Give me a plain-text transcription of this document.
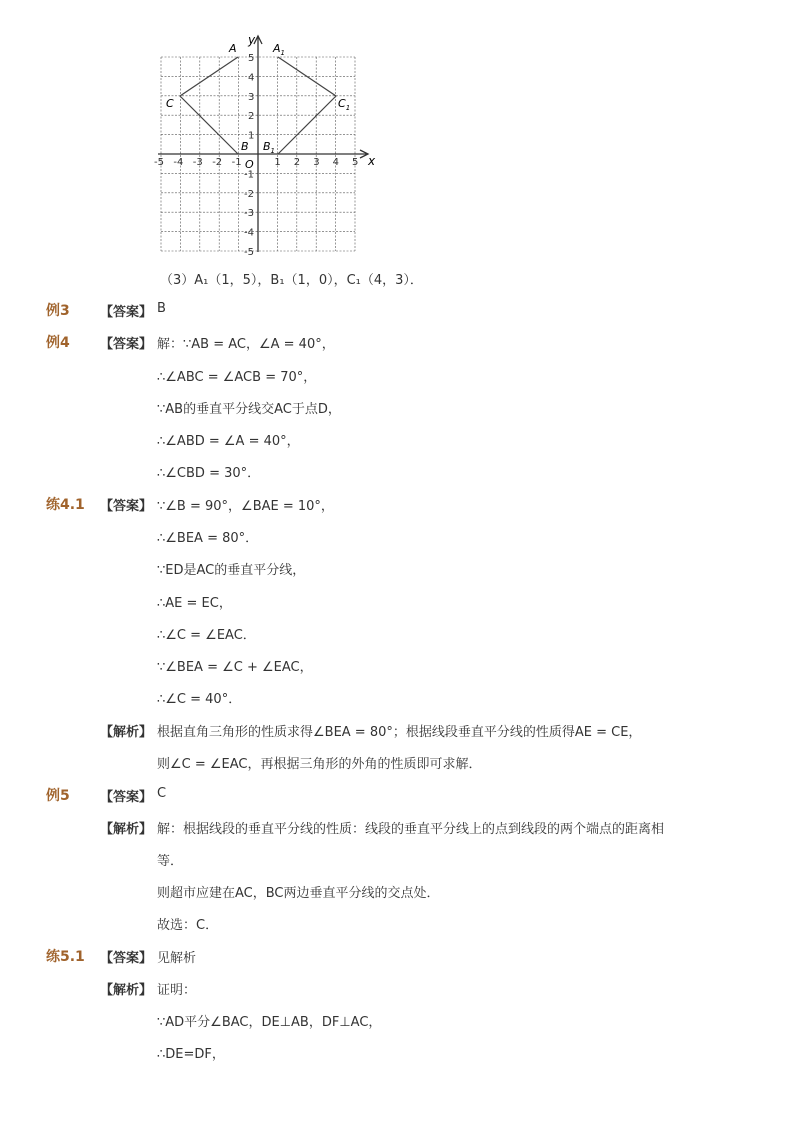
y
x
O
-5 -4 -3 -2 -1	1 2 3 4 5
5
4
3
2
1
-1
-2
-3
-4
-5
A
C
B
$A_1$
$C_1$
$B_1$
（3）A₁（1，5），B₁（1，0），C₁（4，3）．
例3 【答案】 B
例4 【答案】 解：∵AB = AC，∠A = 40°，
∴∠ABC = ∠ACB = 70°，
∵AB的垂直平分线交AC于点D，
∴∠ABD = ∠A = 40°，
∴∠CBD = 30°．
练4.1 【答案】 ∵∠B = 90°，∠BAE = 10°，
∴∠BEA = 80°．
∵ED是AC的垂直平分线，
∴AE = EC，
∴∠C = ∠EAC．
∵∠BEA = ∠C + ∠EAC，
∴∠C = 40°．
【解析】 根据直角三角形的性质求得∠BEA = 80°；根据线段垂直平分线的性质得AE = CE，
则∠C = ∠EAC，再根据三角形的外角的性质即可求解．
例5 【答案】 C
【解析】 解：根据线段的垂直平分线的性质：线段的垂直平分线上的点到线段的两个端点的距离相
等．
则超市应建在AC，BC两边垂直平分线的交点处．
故选：C．
练5.1 【答案】 见解析
【解析】 证明：
∵AD平分∠BAC，DE⊥AB，DF⊥AC，
∴DE=DF，
